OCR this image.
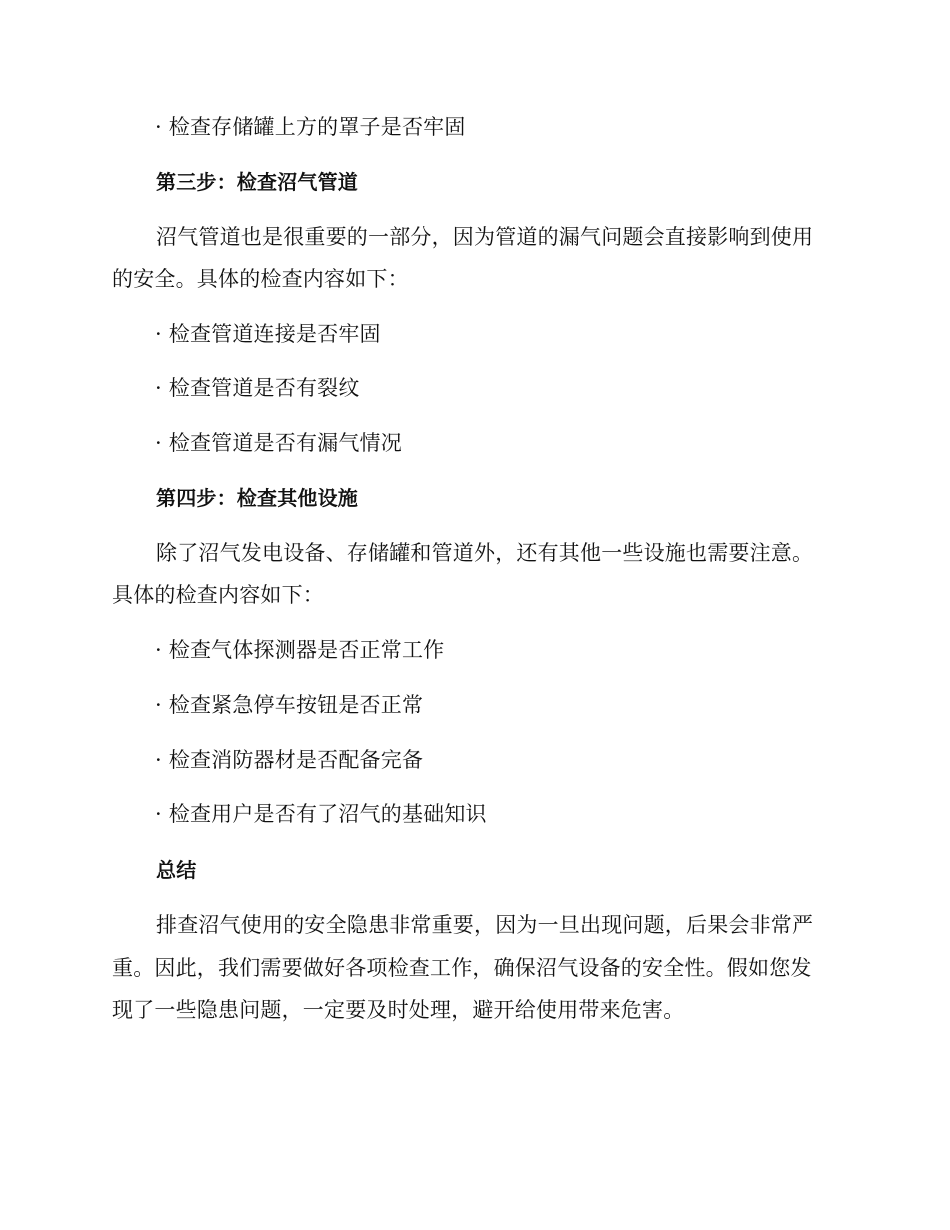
· 检查存储罐上方的罩子是否牢固
第三步：检查沼气管道
沼气管道也是很重要的一部分，因为管道的漏气问题会直接影响到使用
的安全。具体的检查内容如下：
· 检查管道连接是否牢固
· 检查管道是否有裂纹
· 检查管道是否有漏气情况
第四步：检查其他设施
除了沼气发电设备、存储罐和管道外，还有其他一些设施也需要注意。
具体的检查内容如下：
· 检查气体探测器是否正常工作
· 检查紧急停车按钮是否正常
· 检查消防器材是否配备完备
· 检查用户是否有了沼气的基础知识
总结
排查沼气使用的安全隐患非常重要，因为一旦出现问题，后果会非常严
重。因此，我们需要做好各项检查工作，确保沼气设备的安全性。假如您发
现了一些隐患问题，一定要及时处理，避开给使用带来危害。
